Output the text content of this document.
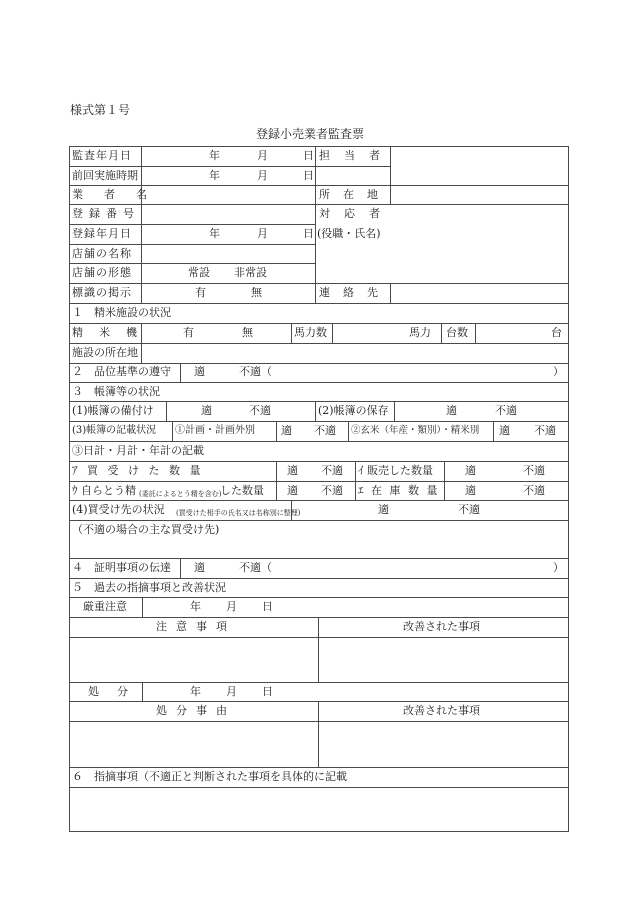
様式第１号
登録小売業者監査票
監査年月日	年	月	日 担当者
前回実施時期	年	月	日
業者名	所在地
登録番号	対応者
(役職・氏名)
登録年月日	年	月	日
店舗の名称
店舗の形態	常設 非常設
標識の掲示	有	無	連絡先
１　精米施設の状況
精米機	有	無	馬力数	馬力 台数	台
施設の所在地
２　品位基準の遵守 適	不適（	）
３　帳簿等の状況
(1)帳簿の備付け	適	不適	(2)帳簿の保存	適	不適
(3)帳簿の記載状況 ①計画・計画外別 適 不適 ②玄米（年産・類別）・精米別 適 不適
③日計・月計・年計の記載
ｱ 買 受 け た 数 量	適 不適 ｲ 販売した数量	適	不適
ｳ 自らとう精 (委託によるとう精を含む)
した数量 適 不適 ｴ 在 庫 数 量 適	不適
(4)買受け先の状況 (買受けた相手の氏名又は名称別に整理)	適	不適
（不適の場合の主な買受け先)
４　証明事項の伝達 適	不適（	）
５　過去の指摘事項と改善状況
厳重注意	年 月 日
注意事項	改善された事項
処分	年 月 日
処分事由	改善された事項
６　指摘事項（不適正と判断された事項を具体的に記載
